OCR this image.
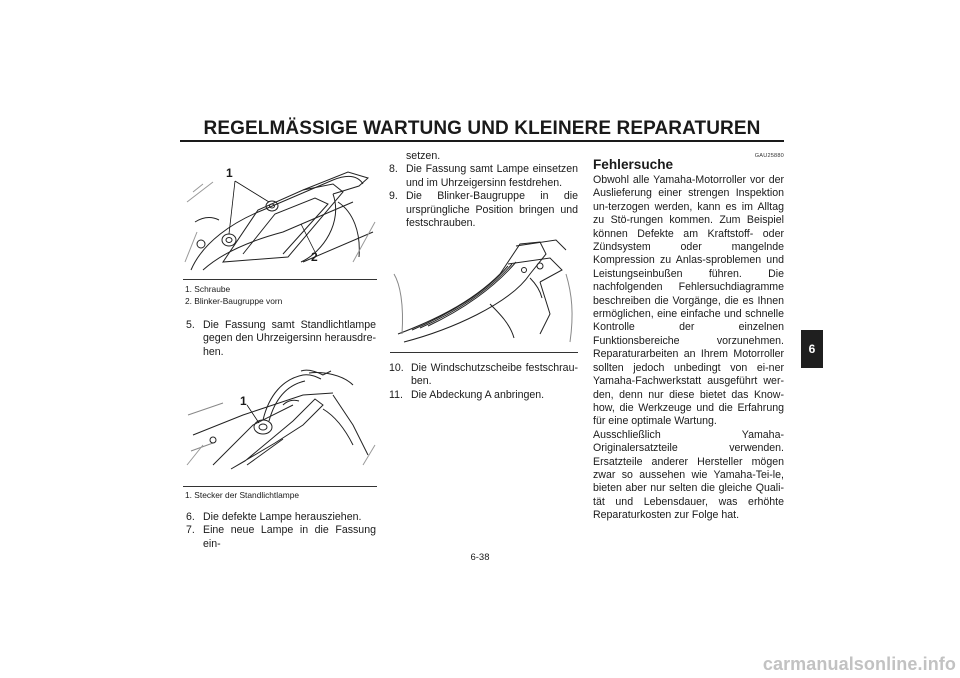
REGELMÄSSIGE WARTUNG UND KLEINERE REPARATUREN
1
2
1. Schraube
2. Blinker-Baugruppe vorn
5. Die Fassung samt Standlichtlampe gegen den Uhrzeigersinn herausdre-hen.
1
1. Stecker der Standlichtlampe
6. Die defekte Lampe herausziehen.
7. Eine neue Lampe in die Fassung ein-
setzen.
8. Die Fassung samt Lampe einsetzen und im Uhrzeigersinn festdrehen.
9. Die Blinker-Baugruppe in die ursprüngliche Position bringen und festschrauben.
10. Die Windschutzscheibe festschrau-ben.
11. Die Abdeckung A anbringen.
GAU25880
Fehlersuche
Obwohl alle Yamaha-Motorroller vor der Auslieferung einer strengen Inspektion un-terzogen werden, kann es im Alltag zu Stö-rungen kommen. Zum Beispiel können Defekte am Kraftstoff- oder Zündsystem oder mangelnde Kompression zu Anlas-sproblemen und Leistungseinbußen führen. Die nachfolgenden Fehlersuchdiagramme beschreiben die Vorgänge, die es Ihnen ermöglichen, eine einfache und schnelle Kontrolle der einzelnen Funktionsbereiche vorzunehmen. Reparaturarbeiten an Ihrem Motorroller sollten jedoch unbedingt von ei-ner Yamaha-Fachwerkstatt ausgeführt wer-den, denn nur diese bietet das Know-how, die Werkzeuge und die Erfahrung für eine optimale Wartung.
Ausschließlich Yamaha-Originalersatzteile verwenden. Ersatzteile anderer Hersteller mögen zwar so aussehen wie Yamaha-Tei-le, bieten aber nur selten die gleiche Quali-tät und Lebensdauer, was erhöhte Reparaturkosten zur Folge hat.
6
6-38
carmanualsonline.info
